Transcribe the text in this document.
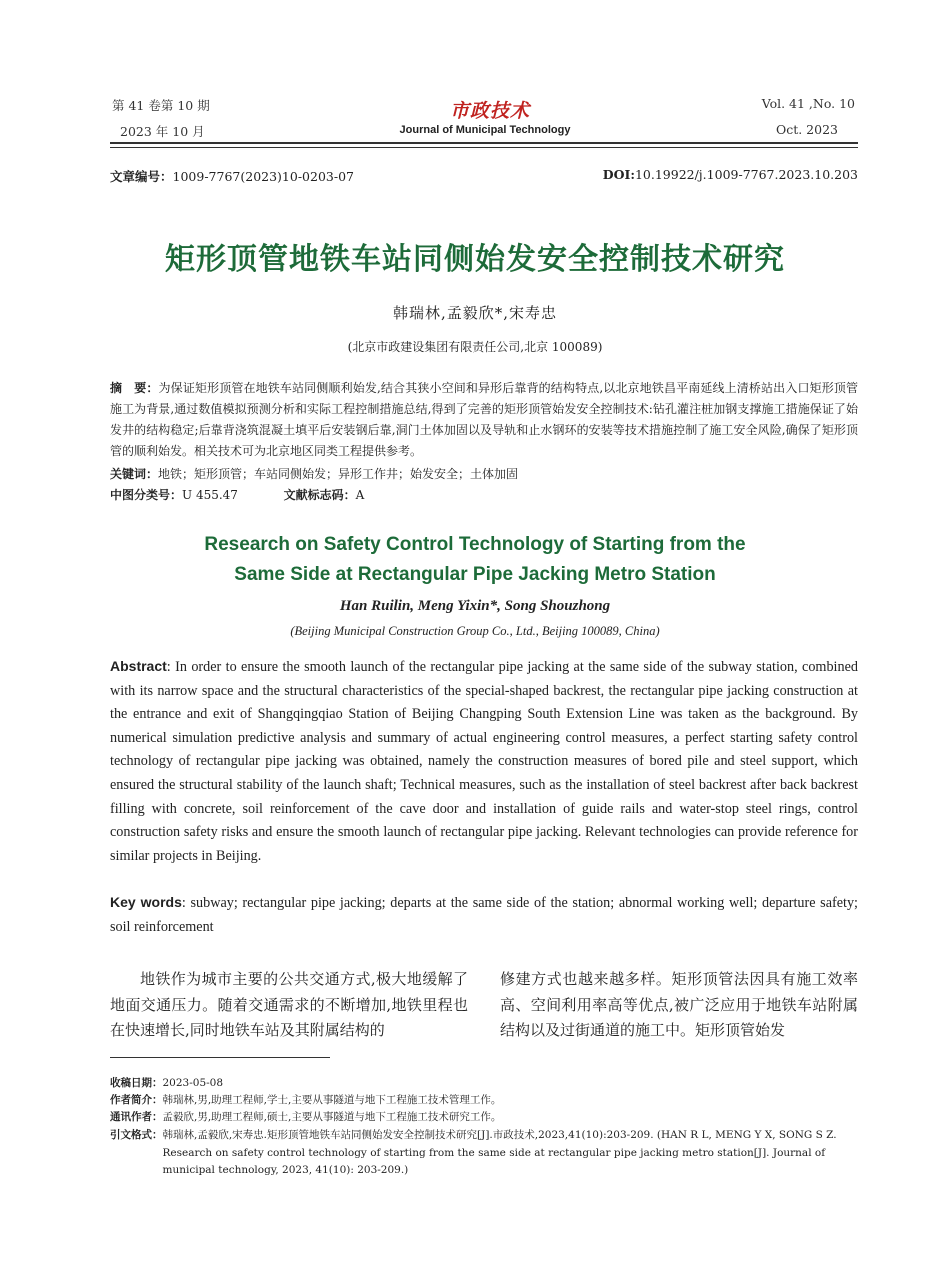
第 41 卷第 10 期
2023 年 10 月
市政技术
Journal of Municipal Technology
Vol. 41 ,No. 10
Oct. 2023
文章编号：1009-7767(2023)10-0203-07	DOI:10.19922/j.1009-7767.2023.10.203
矩形顶管地铁车站同侧始发安全控制技术研究
韩瑞林,孟毅欣*,宋寿忠
(北京市政建设集团有限责任公司,北京 100089)
摘　要：为保证矩形顶管在地铁车站同侧顺利始发,结合其狭小空间和异形后靠背的结构特点,以北京地铁昌平南延线上清桥站出入口矩形顶管施工为背景,通过数值模拟预测分析和实际工程控制措施总结,得到了完善的矩形顶管始发安全控制技术:钻孔灌注桩加钢支撑施工措施保证了始发井的结构稳定;后靠背浇筑混凝土填平后安装钢后靠,洞门土体加固以及导轨和止水钢环的安装等技术措施控制了施工安全风险,确保了矩形顶管的顺利始发。相关技术可为北京地区同类工程提供参考。
关键词：地铁；矩形顶管；车站同侧始发；异形工作井；始发安全；土体加固
中图分类号：U 455.47	文献标志码：A
Research on Safety Control Technology of Starting from the
Same Side at Rectangular Pipe Jacking Metro Station
Han Ruilin, Meng Yixin*, Song Shouzhong
(Beijing Municipal Construction Group Co., Ltd., Beijing 100089, China)
Abstract: In order to ensure the smooth launch of the rectangular pipe jacking at the same side of the subway station, combined with its narrow space and the structural characteristics of the special-shaped backrest, the rectangular pipe jacking construction at the entrance and exit of Shangqingqiao Station of Beijing Changping South Extension Line was taken as the background. By numerical simulation predictive analysis and summary of actual engineering control measures, a perfect starting safety control technology of rectangular pipe jacking was obtained, namely the construction measures of bored pile and steel support, which ensured the structural stability of the launch shaft; Technical measures, such as the installation of steel backrest after back backrest filling with concrete, soil reinforcement of the cave door and installation of guide rails and water-stop steel rings, control construction safety risks and ensure the smooth launch of rectangular pipe jacking. Relevant technologies can provide reference for similar projects in Beijing.
Key words: subway; rectangular pipe jacking; departs at the same side of the station; abnormal working well; departure safety; soil reinforcement
地铁作为城市主要的公共交通方式,极大地缓解了地面交通压力。随着交通需求的不断增加,地铁里程也在快速增长,同时地铁车站及其附属结构的
修建方式也越来越多样。矩形顶管法因具有施工效率高、空间利用率高等优点,被广泛应用于地铁车站附属结构以及过街通道的施工中。矩形顶管始发
收稿日期：2023-05-08
作者简介：韩瑞林,男,助理工程师,学士,主要从事隧道与地下工程施工技术管理工作。
通讯作者：孟毅欣,男,助理工程师,硕士,主要从事隧道与地下工程施工技术研究工作。
引文格式： 韩瑞林,孟毅欣,宋寿忠.矩形顶管地铁车站同侧始发安全控制技术研究[J].市政技术,2023,41(10):203-209. (HAN R L, MENG Y X, SONG S Z. Research on safety control technology of starting from the same side at rectangular pipe jacking metro station[J]. Journal of municipal technology, 2023, 41(10): 203-209.)
